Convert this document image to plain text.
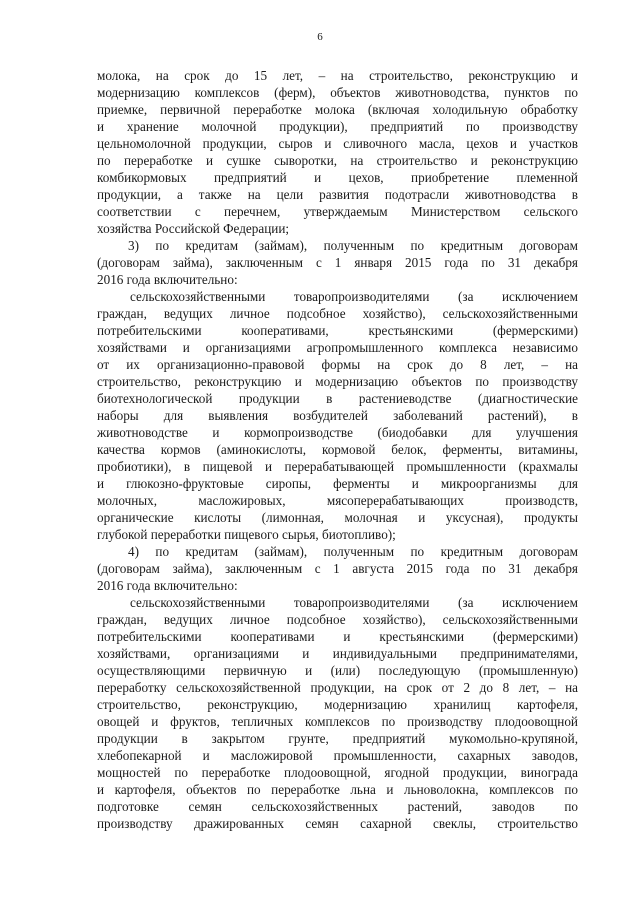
6
молока, на срок до 15 лет, – на строительство, реконструкцию и
модернизацию комплексов (ферм), объектов животноводства, пунктов по
приемке, первичной переработке молока (включая холодильную обработку
и хранение молочной продукции), предприятий по производству
цельномолочной продукции, сыров и сливочного масла, цехов и участков
по переработке и сушке сыворотки, на строительство и реконструкцию
комбикормовых предприятий и цехов, приобретение племенной
продукции, а также на цели развития подотрасли животноводства в
соответствии с перечнем, утверждаемым Министерством сельского
хозяйства Российской Федерации;
3) по кредитам (займам), полученным по кредитным договорам
(договорам займа), заключенным с 1 января 2015 года по 31 декабря
2016 года включительно:
сельскохозяйственными товаропроизводителями (за исключением
граждан, ведущих личное подсобное хозяйство), сельскохозяйственными
потребительскими кооперативами, крестьянскими (фермерскими)
хозяйствами и организациями агропромышленного комплекса независимо
от их организационно-правовой формы на срок до 8 лет, – на
строительство, реконструкцию и модернизацию объектов по производству
биотехнологической продукции в растениеводстве (диагностические
наборы для выявления возбудителей заболеваний растений), в
животноводстве и кормопроизводстве (биодобавки для улучшения
качества кормов (аминокислоты, кормовой белок, ферменты, витамины,
пробиотики), в пищевой и перерабатывающей промышленности (крахмалы
и глюкозно-фруктовые сиропы, ферменты и микроорганизмы для
молочных, масложировых, мясоперерабатывающих производств,
органические кислоты (лимонная, молочная и уксусная), продукты
глубокой переработки пищевого сырья, биотопливо);
4) по кредитам (займам), полученным по кредитным договорам
(договорам займа), заключенным с 1 августа 2015 года по 31 декабря
2016 года включительно:
сельскохозяйственными товаропроизводителями (за исключением
граждан, ведущих личное подсобное хозяйство), сельскохозяйственными
потребительскими кооперативами и крестьянскими (фермерскими)
хозяйствами, организациями и индивидуальными предпринимателями,
осуществляющими первичную и (или) последующую (промышленную)
переработку сельскохозяйственной продукции, на срок от 2 до 8 лет, – на
строительство, реконструкцию, модернизацию хранилищ картофеля,
овощей и фруктов, тепличных комплексов по производству плодоовощной
продукции в закрытом грунте, предприятий мукомольно-крупяной,
хлебопекарной и масложировой промышленности, сахарных заводов,
мощностей по переработке плодоовощной, ягодной продукции, винограда
и картофеля, объектов по переработке льна и льноволокна, комплексов по
подготовке семян сельскохозяйственных растений, заводов по
производству дражированных семян сахарной свеклы, строительство
